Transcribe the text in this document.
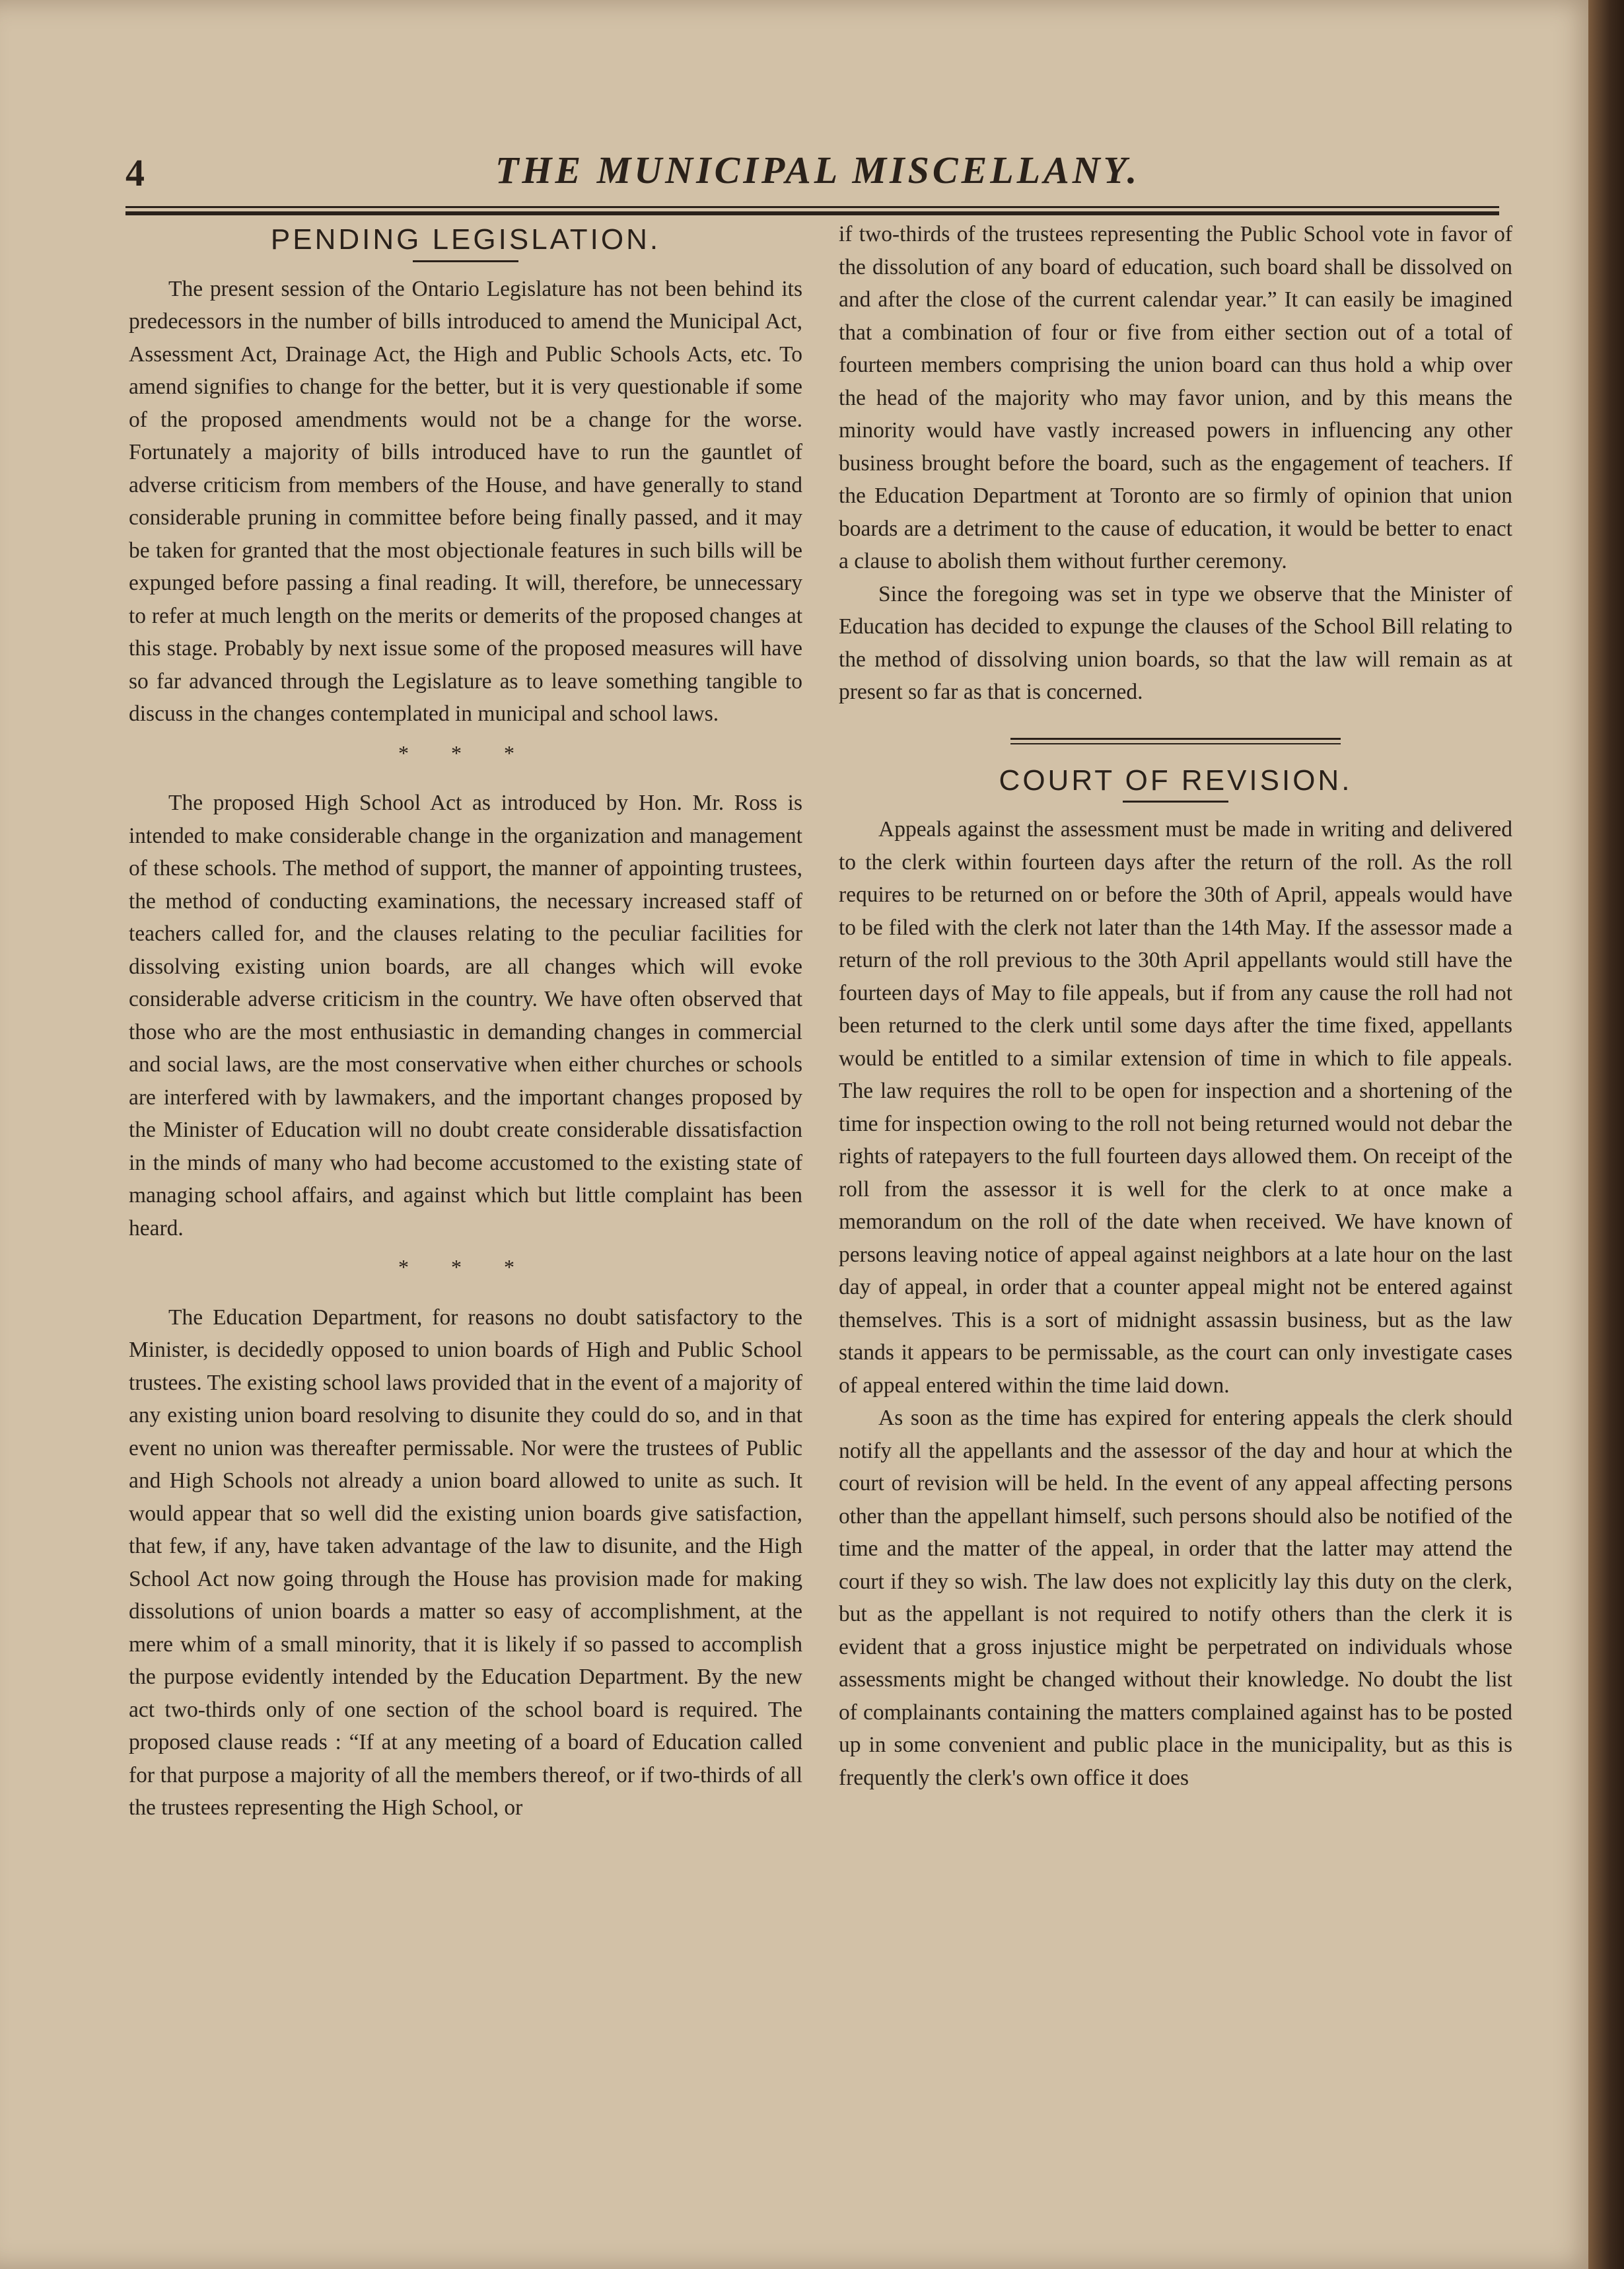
4	THE MUNICIPAL MISCELLANY.
PENDING LEGISLATION.

The present session of the Ontario Legislature has not been behind its predecessors in the number of bills introduced to amend the Municipal Act, Assessment Act, Drainage Act, the High and Public Schools Acts, etc. To amend signifies to change for the better, but it is very questionable if some of the proposed amendments would not be a change for the worse. Fortunately a majority of bills introduced have to run the gauntlet of adverse criticism from members of the House, and have generally to stand considerable pruning in committee before being finally passed, and it may be taken for granted that the most objectionale features in such bills will be expunged before passing a final reading. It will, therefore, be unnecessary to refer at much length on the merits or demerits of the proposed changes at this stage. Probably by next issue some of the proposed measures will have so far advanced through the Legislature as to leave something tangible to discuss in the changes contemplated in municipal and school laws.

* * *

The proposed High School Act as introduced by Hon. Mr. Ross is intended to make considerable change in the organization and management of these schools. The method of support, the manner of appointing trustees, the method of conducting examinations, the necessary increased staff of teachers called for, and the clauses relating to the peculiar facilities for dissolving existing union boards, are all changes which will evoke considerable adverse criticism in the country. We have often observed that those who are the most enthusiastic in demanding changes in commercial and social laws, are the most conservative when either churches or schools are interfered with by lawmakers, and the important changes proposed by the Minister of Education will no doubt create considerable dissatisfaction in the minds of many who had become accustomed to the existing state of managing school affairs, and against which but little complaint has been heard.

* * *

The Education Department, for reasons no doubt satisfactory to the Minister, is decidedly opposed to union boards of High and Public School trustees. The existing school laws provided that in the event of a majority of any existing union board resolving to disunite they could do so, and in that event no union was thereafter permissable. Nor were the trustees of Public and High Schools not already a union board allowed to unite as such. It would appear that so well did the existing union boards give satisfaction, that few, if any, have taken advantage of the law to disunite, and the High School Act now going through the House has provision made for making dissolutions of union boards a matter so easy of accomplishment, at the mere whim of a small minority, that it is likely if so passed to accomplish the purpose evidently intended by the Education Department. By the new act two-thirds only of one section of the school board is required. The proposed clause reads : “If at any meeting of a board of Education called for that purpose a majority of all the members thereof, or if two-thirds of all the trustees representing the High School, or

if two-thirds of the trustees representing the Public School vote in favor of the dissolution of any board of education, such board shall be dissolved on and after the close of the current calendar year.” It can easily be imagined that a combination of four or five from either section out of a total of fourteen members comprising the union board can thus hold a whip over the head of the majority who may favor union, and by this means the minority would have vastly increased powers in influencing any other business brought before the board, such as the engagement of teachers. If the Education Department at Toronto are so firmly of opinion that union boards are a detriment to the cause of education, it would be better to enact a clause to abolish them without further ceremony.

Since the foregoing was set in type we observe that the Minister of Education has decided to expunge the clauses of the School Bill relating to the method of dissolving union boards, so that the law will remain as at present so far as that is concerned.

COURT OF REVISION.

Appeals against the assessment must be made in writing and delivered to the clerk within fourteen days after the return of the roll. As the roll requires to be returned on or before the 30th of April, appeals would have to be filed with the clerk not later than the 14th May. If the assessor made a return of the roll previous to the 30th April appellants would still have the fourteen days of May to file appeals, but if from any cause the roll had not been returned to the clerk until some days after the time fixed, appellants would be entitled to a similar extension of time in which to file appeals. The law requires the roll to be open for inspection and a shortening of the time for inspection owing to the roll not being returned would not debar the rights of ratepayers to the full fourteen days allowed them. On receipt of the roll from the assessor it is well for the clerk to at once make a memorandum on the roll of the date when received. We have known of persons leaving notice of appeal against neighbors at a late hour on the last day of appeal, in order that a counter appeal might not be entered against themselves. This is a sort of midnight assassin business, but as the law stands it appears to be permissable, as the court can only investigate cases of appeal entered within the time laid down.

As soon as the time has expired for entering appeals the clerk should notify all the appellants and the assessor of the day and hour at which the court of revision will be held. In the event of any appeal affecting persons other than the appellant himself, such persons should also be notified of the time and the matter of the appeal, in order that the latter may attend the court if they so wish. The law does not explicitly lay this duty on the clerk, but as the appellant is not required to notify others than the clerk it is evident that a gross injustice might be perpetrated on individuals whose assessments might be changed without their knowledge. No doubt the list of complainants containing the matters complained against has to be posted up in some convenient and public place in the municipality, but as this is frequently the clerk's own office it does
